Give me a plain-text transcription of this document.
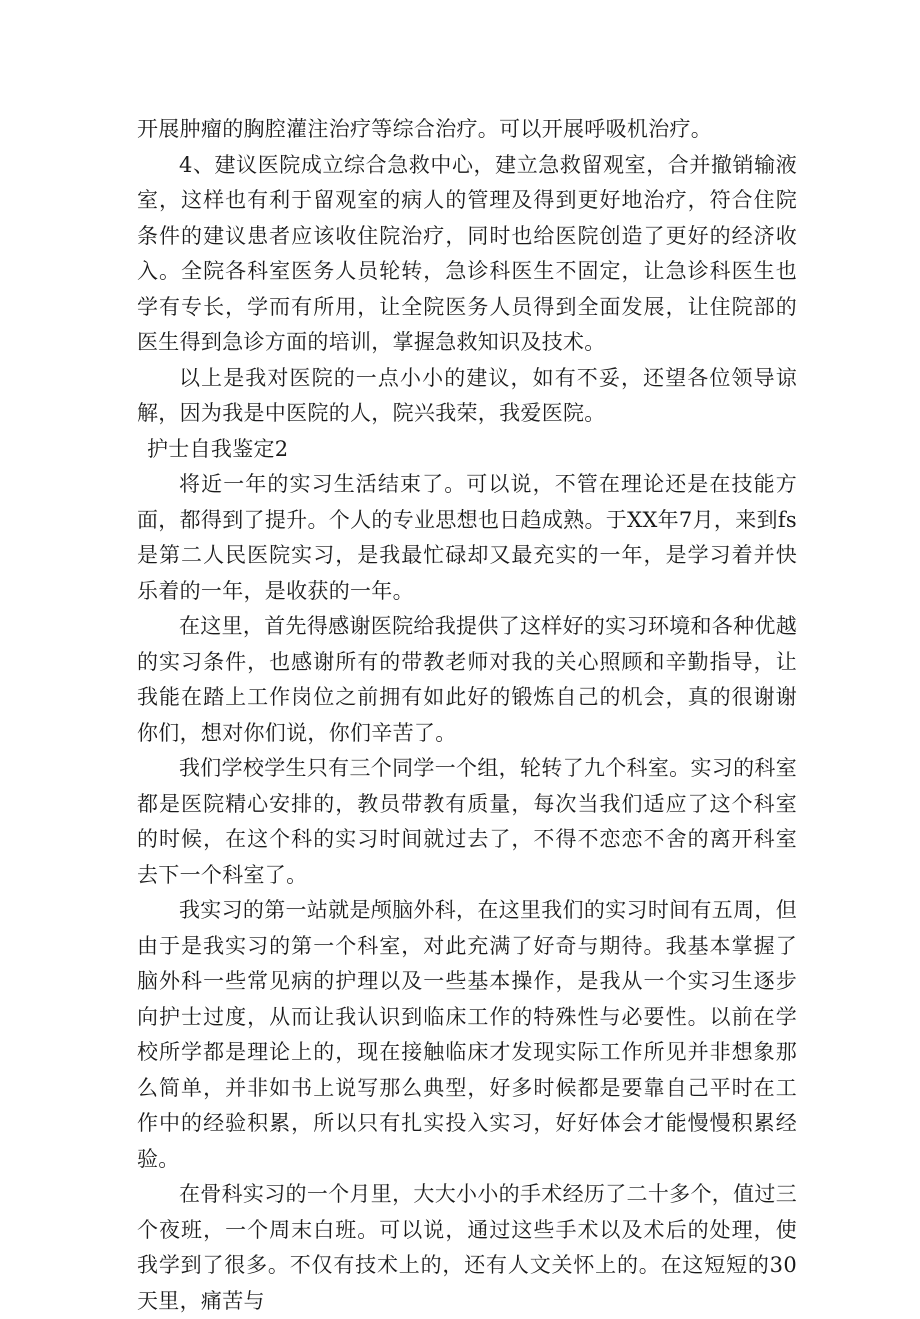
开展肿瘤的胸腔灌注治疗等综合治疗。可以开展呼吸机治疗。

4、建议医院成立综合急救中心，建立急救留观室，合并撤销输液室，这样也有利于留观室的病人的管理及得到更好地治疗，符合住院条件的建议患者应该收住院治疗，同时也给医院创造了更好的经济收入。全院各科室医务人员轮转，急诊科医生不固定，让急诊科医生也学有专长，学而有所用，让全院医务人员得到全面发展，让住院部的医生得到急诊方面的培训，掌握急救知识及技术。

以上是我对医院的一点小小的建议，如有不妥，还望各位领导谅解，因为我是中医院的人，院兴我荣，我爱医院。

护士自我鉴定2

将近一年的实习生活结束了。可以说，不管在理论还是在技能方面，都得到了提升。个人的专业思想也日趋成熟。于XX年7月，来到fs是第二人民医院实习，是我最忙碌却又最充实的一年，是学习着并快乐着的一年，是收获的一年。

在这里，首先得感谢医院给我提供了这样好的实习环境和各种优越的实习条件，也感谢所有的带教老师对我的关心照顾和辛勤指导，让我能在踏上工作岗位之前拥有如此好的锻炼自己的机会，真的很谢谢你们，想对你们说，你们辛苦了。

我们学校学生只有三个同学一个组，轮转了九个科室。实习的科室都是医院精心安排的，教员带教有质量，每次当我们适应了这个科室的时候，在这个科的实习时间就过去了，不得不恋恋不舍的离开科室去下一个科室了。

我实习的第一站就是颅脑外科，在这里我们的实习时间有五周，但由于是我实习的第一个科室，对此充满了好奇与期待。我基本掌握了脑外科一些常见病的护理以及一些基本操作，是我从一个实习生逐步向护士过度，从而让我认识到临床工作的特殊性与必要性。以前在学校所学都是理论上的，现在接触临床才发现实际工作所见并非想象那么简单，并非如书上说写那么典型，好多时候都是要靠自己平时在工作中的经验积累，所以只有扎实投入实习，好好体会才能慢慢积累经验。

在骨科实习的一个月里，大大小小的手术经历了二十多个，值过三个夜班，一个周末白班。可以说，通过这些手术以及术后的处理，使我学到了很多。不仅有技术上的，还有人文关怀上的。在这短短的30天里，痛苦与
